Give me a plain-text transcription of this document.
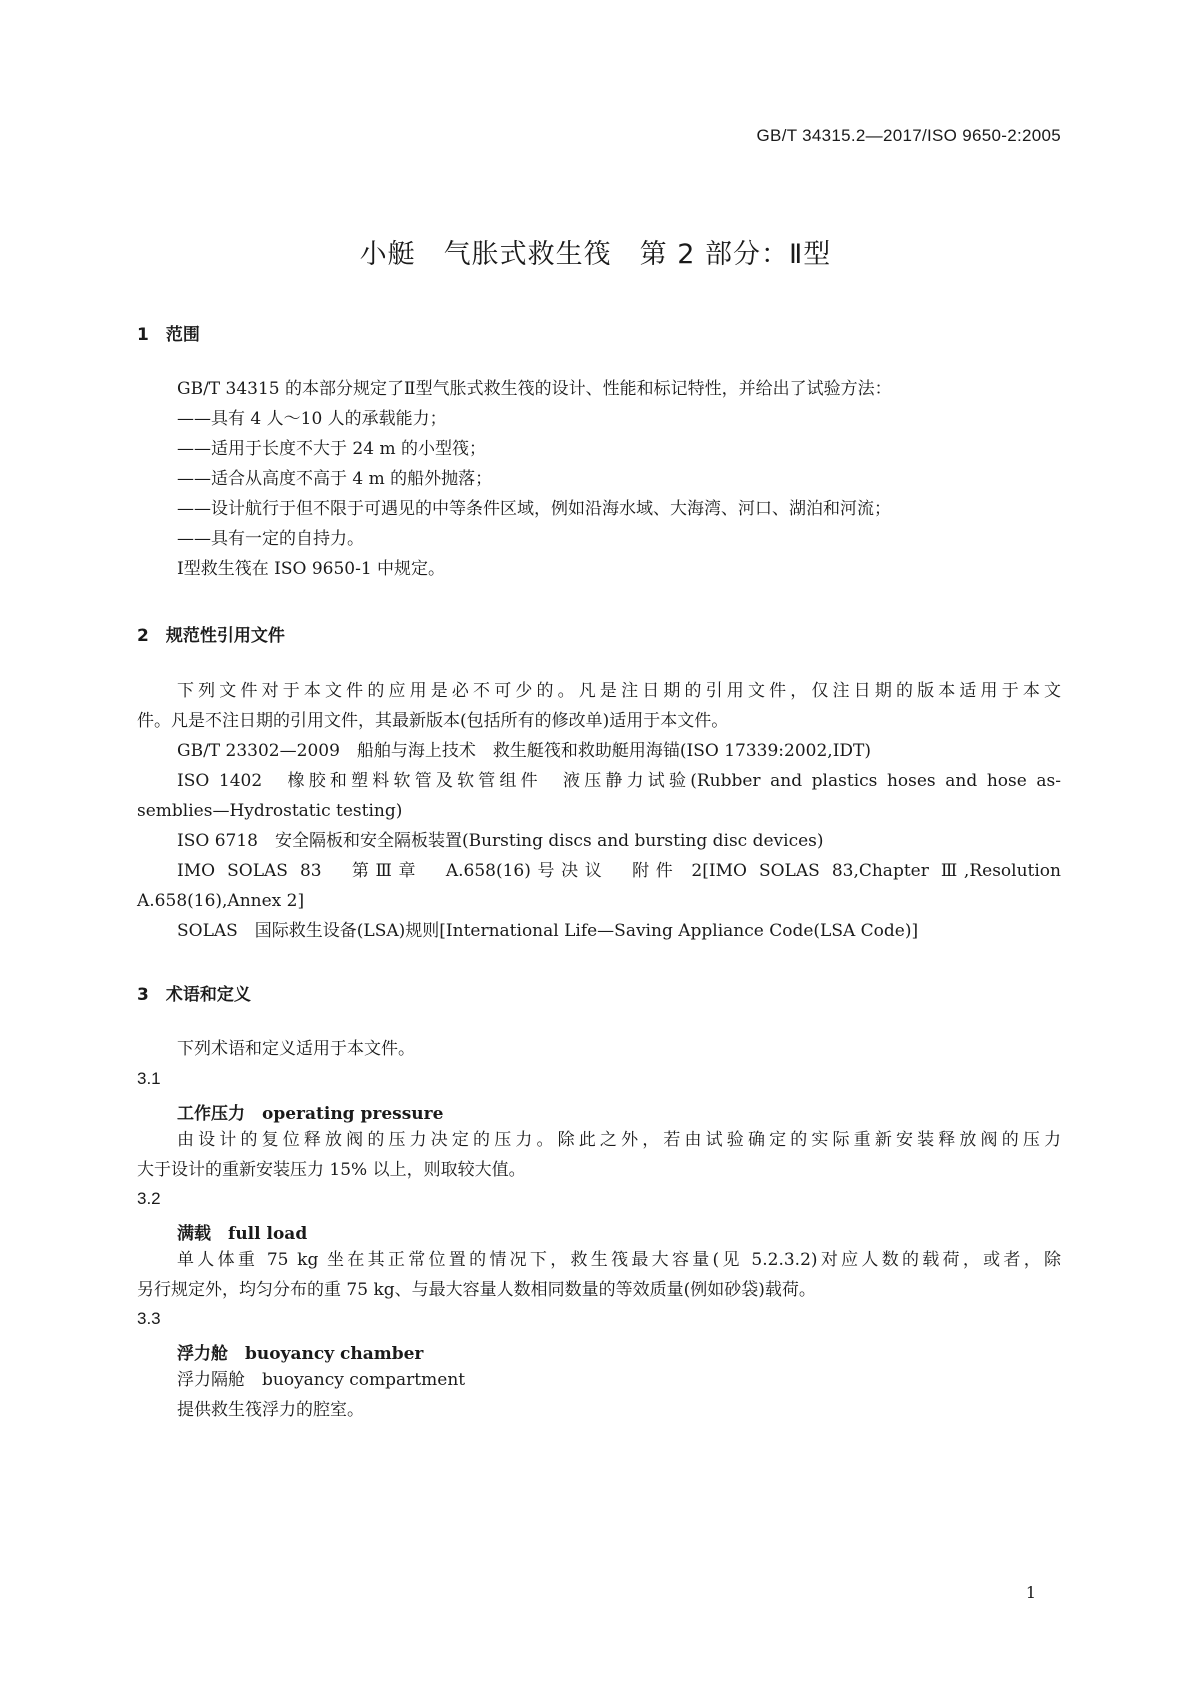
GB/T 34315.2—2017/ISO 9650-2:2005
小艇　气胀式救生筏　第 2 部分：Ⅱ型
1　范围
GB/T 34315 的本部分规定了Ⅱ型气胀式救生筏的设计、性能和标记特性，并给出了试验方法：
——具有 4 人～10 人的承载能力；
——适用于长度不大于 24 m 的小型筏；
——适合从高度不高于 4 m 的船外抛落；
——设计航行于但不限于可遇见的中等条件区域，例如沿海水域、大海湾、河口、湖泊和河流；
——具有一定的自持力。
Ⅰ型救生筏在 ISO 9650-1 中规定。
2　规范性引用文件
下列文件对于本文件的应用是必不可少的。凡是注日期的引用文件，仅注日期的版本适用于本文
件。凡是不注日期的引用文件，其最新版本(包括所有的修改单)适用于本文件。
GB/T 23302—2009　船舶与海上技术　救生艇筏和救助艇用海锚(ISO 17339:2002,IDT)
ISO 1402　橡胶和塑料软管及软管组件　液压静力试验(Rubber and plastics hoses and hose as-
semblies—Hydrostatic testing)
ISO 6718　安全隔板和安全隔板装置(Bursting discs and bursting disc devices)
IMO SOLAS 83　第Ⅲ章　A.658(16)号决议　附件 2[IMO SOLAS 83,Chapter Ⅲ,Resolution
A.658(16),Annex 2]
SOLAS　国际救生设备(LSA)规则[International Life—Saving Appliance Code(LSA Code)]
3　术语和定义
下列术语和定义适用于本文件。
3.1
工作压力　operating pressure
由设计的复位释放阀的压力决定的压力。除此之外，若由试验确定的实际重新安装释放阀的压力
大于设计的重新安装压力 15% 以上，则取较大值。
3.2
满载　full load
单人体重 75 kg 坐在其正常位置的情况下，救生筏最大容量(见 5.2.3.2)对应人数的载荷，或者，除
另行规定外，均匀分布的重 75 kg、与最大容量人数相同数量的等效质量(例如砂袋)载荷。
3.3
浮力舱　buoyancy chamber
浮力隔舱　buoyancy compartment
提供救生筏浮力的腔室。
1
